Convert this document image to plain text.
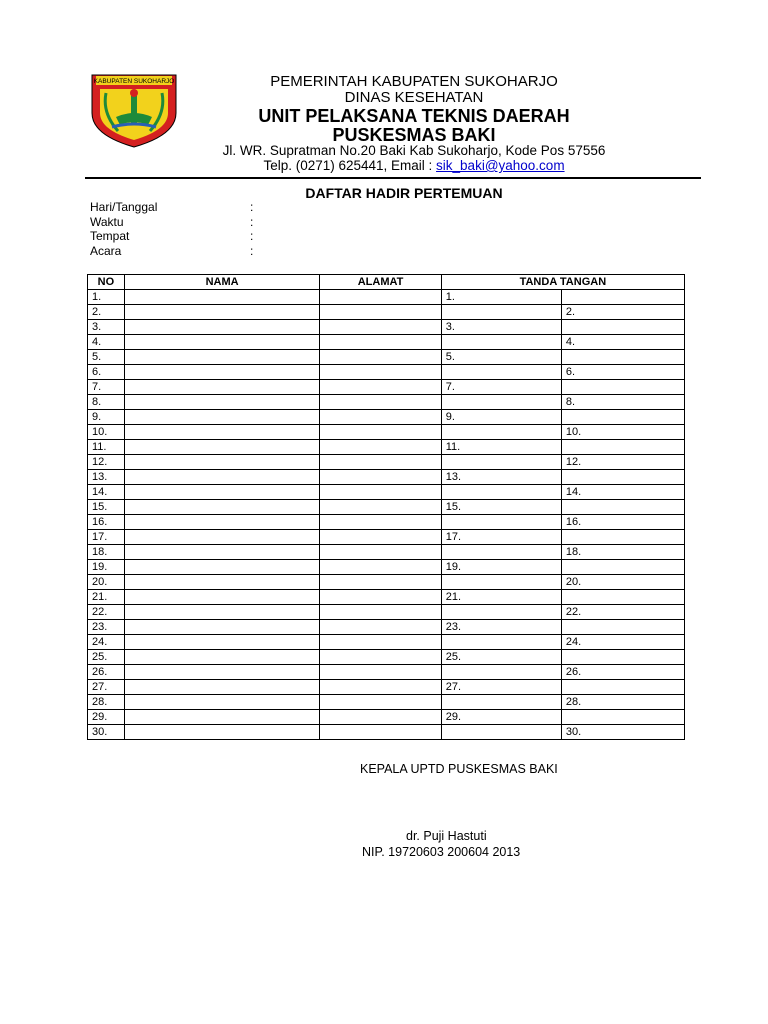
KABUPATEN SUKOHARJO	PEMERINTAH KABUPATEN SUKOHARJO
DINAS KESEHATAN
UNIT PELAKSANA TEKNIS DAERAH
PUSKESMAS BAKI
Jl. WR. Supratman No.20 Baki Kab Sukoharjo, Kode Pos 57556
Telp. (0271) 625441, Email : sik_baki@yahoo.com
DAFTAR HADIR PERTEMUAN
Hari/Tanggal	:
Waktu	:
Tempat	:
Acara	:
NO	NAMA	ALAMAT	TANDA TANGAN	
1.			1.	
2.				2.
3.			3.	
4.				4.
5.			5.	
6.				6.
7.			7.	
8.				8.
9.			9.	
10.				10.
11.			11.	
12.				12.
13.			13.	
14.				14.
15.			15.	
16.				16.
17.			17.	
18.				18.
19.			19.	
20.				20.
21.			21.	
22.				22.
23.			23.	
24.				24.
25.			25.	
26.				26.
27.			27.	
28.				28.
29.			29.	
30.				30.
KEPALA UPTD PUSKESMAS BAKI
dr. Puji Hastuti
NIP. 19720603 200604 2013
